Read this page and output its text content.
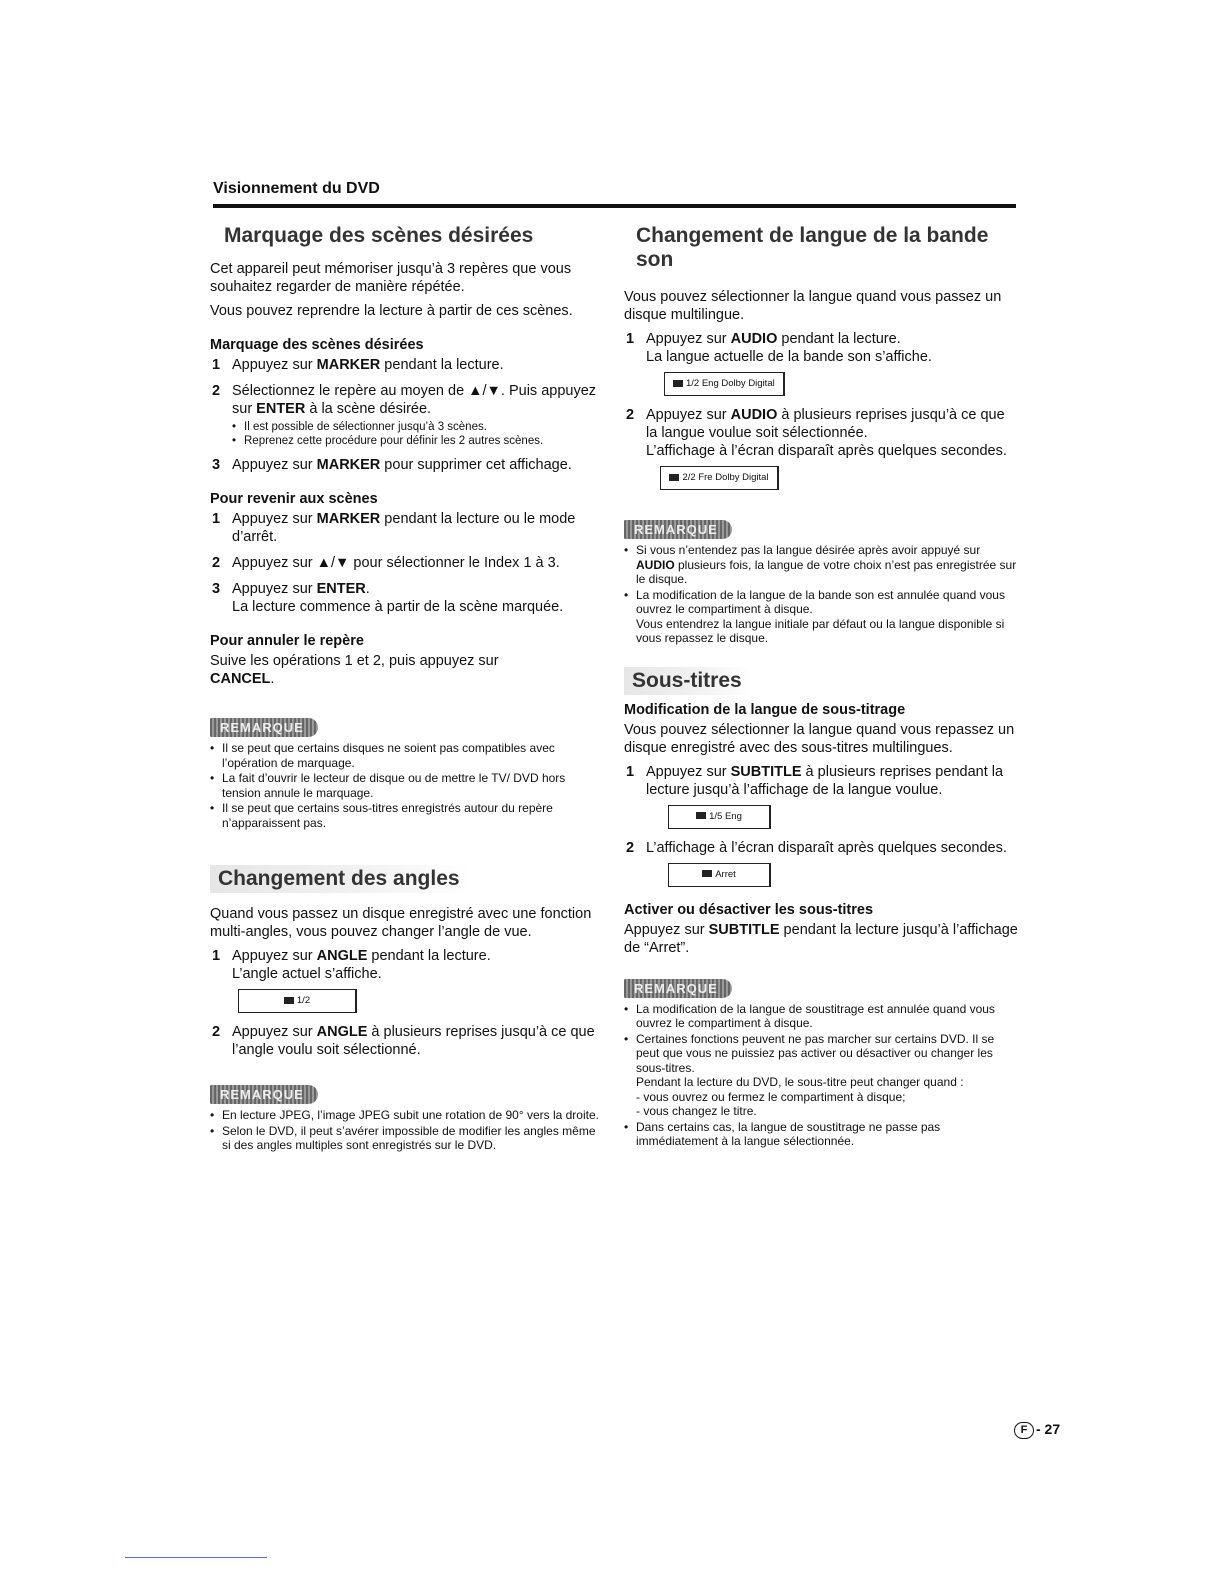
Visionnement du DVD
Marquage des scènes désirées

Cet appareil peut mémoriser jusqu’à 3 repères que vous souhaitez regarder de manière répétée.

Vous pouvez reprendre la lecture à partir de ces scènes.

Marquage des scènes désirées
1 Appuyez sur MARKER pendant la lecture.
2 Sélectionnez le repère au moyen de ▲/▼. Puis appuyez sur ENTER à la scène désirée.
• Il est possible de sélectionner jusqu’à 3 scènes.
• Reprenez cette procédure pour définir les 2 autres scènes.
3 Appuyez sur MARKER pour supprimer cet affichage.
Pour revenir aux scènes
1 Appuyez sur MARKER pendant la lecture ou le mode d’arrêt.
2 Appuyez sur ▲/▼ pour sélectionner le Index 1 à 3.
3 Appuyez sur ENTER.
La lecture commence à partir de la scène marquée.
Pour annuler le repère

Suive les opérations 1 et 2, puis appuyez sur
CANCEL.

REMARQUE
• Il se peut que certains disques ne soient pas compatibles avec l’opération de marquage.
• La fait d’ouvrir le lecteur de disque ou de mettre le TV/ DVD hors tension annule le marquage.
• Il se peut que certains sous-titres enregistrés autour du repère n’apparaissent pas.
Changement des angles

Quand vous passez un disque enregistré avec une fonction multi-angles, vous pouvez changer l’angle de vue.

1 Appuyez sur ANGLE pendant la lecture.
L’angle actuel s’affiche.
1/2
2 Appuyez sur ANGLE à plusieurs reprises jusqu’à ce que l’angle voulu soit sélectionné.
REMARQUE
• En lecture JPEG, l’image JPEG subit une rotation de 90° vers la droite.
• Selon le DVD, il peut s’avérer impossible de modifier les angles même si des angles multiples sont enregistrés sur le DVD.
Changement de langue de la bande son

Vous pouvez sélectionner la langue quand vous passez un disque multilingue.

1 Appuyez sur AUDIO pendant la lecture.
La langue actuelle de la bande son s’affiche.
1/2 Eng Dolby Digital
2 Appuyez sur AUDIO à plusieurs reprises jusqu’à ce que la langue voulue soit sélectionnée.
L’affichage à l’écran disparaît après quelques secondes.
2/2 Fre Dolby Digital
REMARQUE
• Si vous n’entendez pas la langue désirée après avoir appuyé sur AUDIO plusieurs fois, la langue de votre choix n’est pas enregistrée sur le disque.
• La modification de la langue de la bande son est annulée quand vous ouvrez le compartiment à disque.
Vous entendrez la langue initiale par défaut ou la langue disponible si vous repassez le disque.
Sous-titres
Modification de la langue de sous-titrage

Vous pouvez sélectionner la langue quand vous repassez un disque enregistré avec des sous-titres multilingues.

1 Appuyez sur SUBTITLE à plusieurs reprises pendant la lecture jusqu’à l’affichage de la langue voulue.
1/5 Eng
2 L’affichage à l’écran disparaît après quelques secondes.
Arret
Activer ou désactiver les sous-titres

Appuyez sur SUBTITLE pendant la lecture jusqu’à l’affichage de “Arret”.

REMARQUE
• La modification de la langue de soustitrage est annulée quand vous ouvrez le compartiment à disque.
• Certaines fonctions peuvent ne pas marcher sur certains DVD. Il se peut que vous ne puissiez pas activer ou désactiver ou changer les sous-titres.
Pendant la lecture du DVD, le sous-titre peut changer quand :
- vous ouvrez ou fermez le compartiment à disque;
- vous changez le titre.
• Dans certains cas, la langue de soustitrage ne passe pas immédiatement à la langue sélectionnée.
F - 27
